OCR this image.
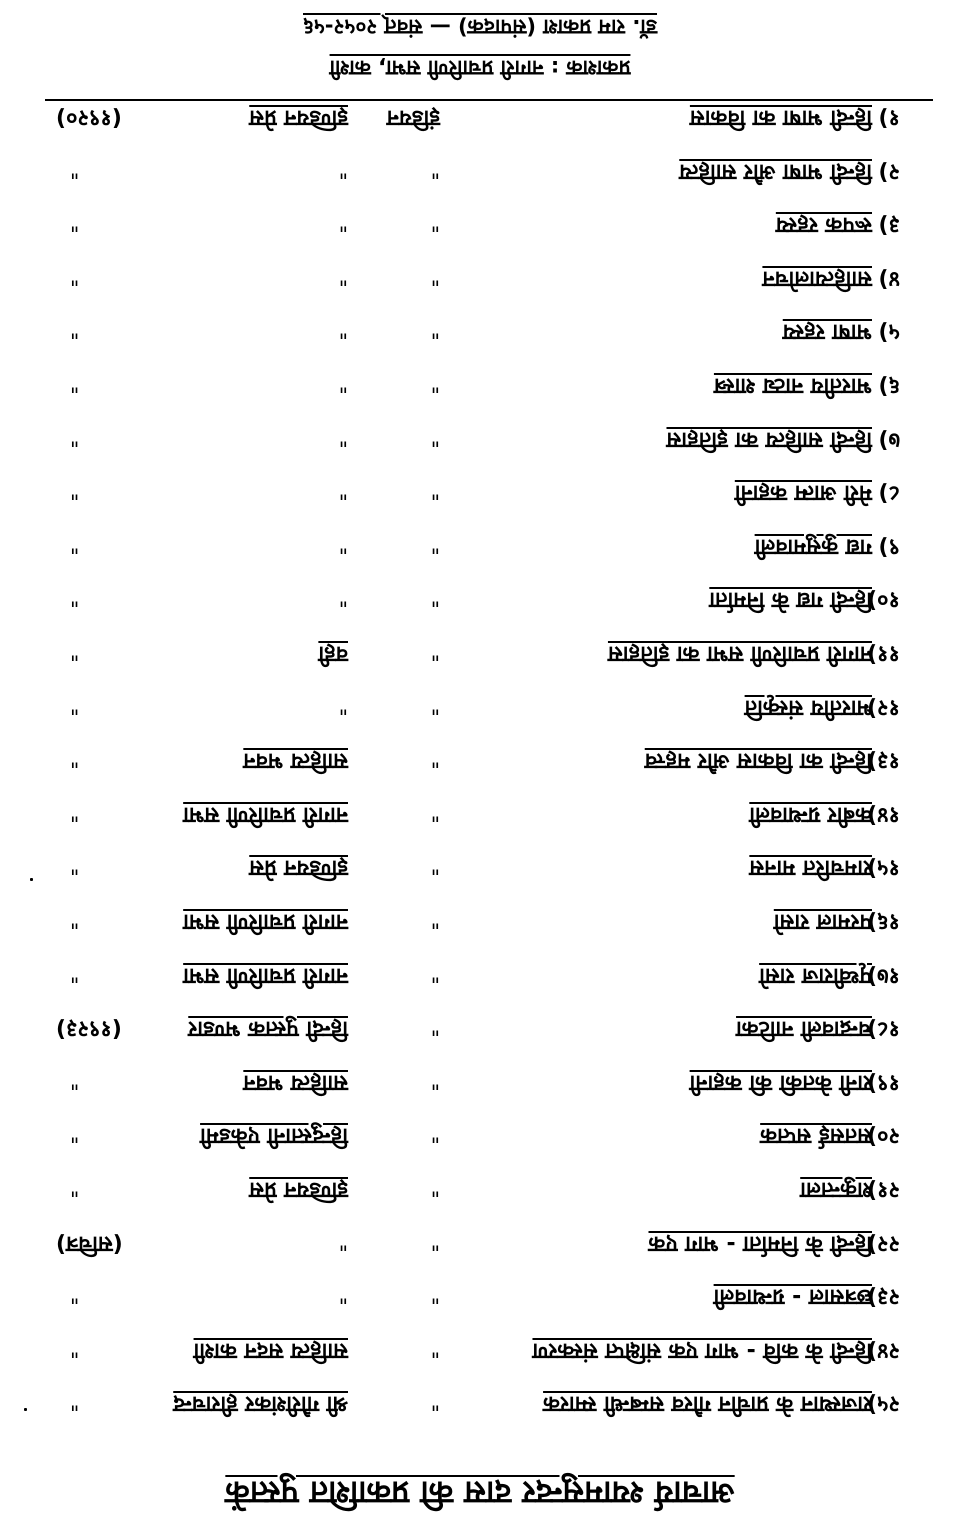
आचार्य श्यामसुन्दर दास की प्रकाशित पुस्तकें
प्रकाशक : नागरी प्रचारिणी सभा, काशी
डॉ. राम प्रकाश (संपादक) — संवत् २०५२-५६
१)
हिन्दी भाषा का विकास
इंडियन
इण्डियन प्रेस
(१९२०)
२)
हिन्दी भाषा और साहित्य
"
"
"
३)
रूपक रहस्य
"
"
"
४)
साहित्यालोचन
"
"
"
५)
भाषा रहस्य
"
"
"
६)
भारतीय नाट्य शास्त्र
"
"
"
७)
हिन्दी साहित्य का इतिहास
"
"
"
८)
मेरी आत्म कहानी
"
"
"
९)
गद्य कुसुमावली
"
"
"
१०)
हिन्दी गद्य के निर्माता
"
"
"
११)
नागरी प्रचारिणी सभा का इतिहास
"
वही
"
१२)
भारतीय संस्कृति
"
"
"
१३)
हिन्दी का विकास और महत्त्व
"
साहित्य भवन
"
१४)
कबीर ग्रन्थावली
"
नागरी प्रचारिणी सभा
"
१५)
रामचरित मानस
"
इण्डियन प्रेस
"
१६)
परमाल रासो
"
नागरी प्रचारिणी सभा
"
१७)
पृथ्वीराज रासो
"
नागरी प्रचारिणी सभा
"
१८)
चन्द्रावली नाटिका
"
हिन्दी पुस्तक भण्डार
(१९२३)
१९)
रानी केतकी की कहानी
"
साहित्य भवन
"
२०)
सतसई सप्तक
"
हिन्दुस्तानी एकेडमी
"
२१)
शकुन्तला
"
इण्डियन प्रेस
"
२२)
हिन्दी के निर्माता - भाग एक
"
"
(सचित्र)
२३)
छत्रसाल - ग्रन्थावली
"
"
"
२४)
हिन्दी के कवि - भाग एक संक्षिप्त संस्करण
"
साहित्य सदन काशी
"
२५)
राजस्थान के प्राचीन गौरव सम्बन्धी स्मारक
"
श्री गौरीशंकर हीराचन्द
"
